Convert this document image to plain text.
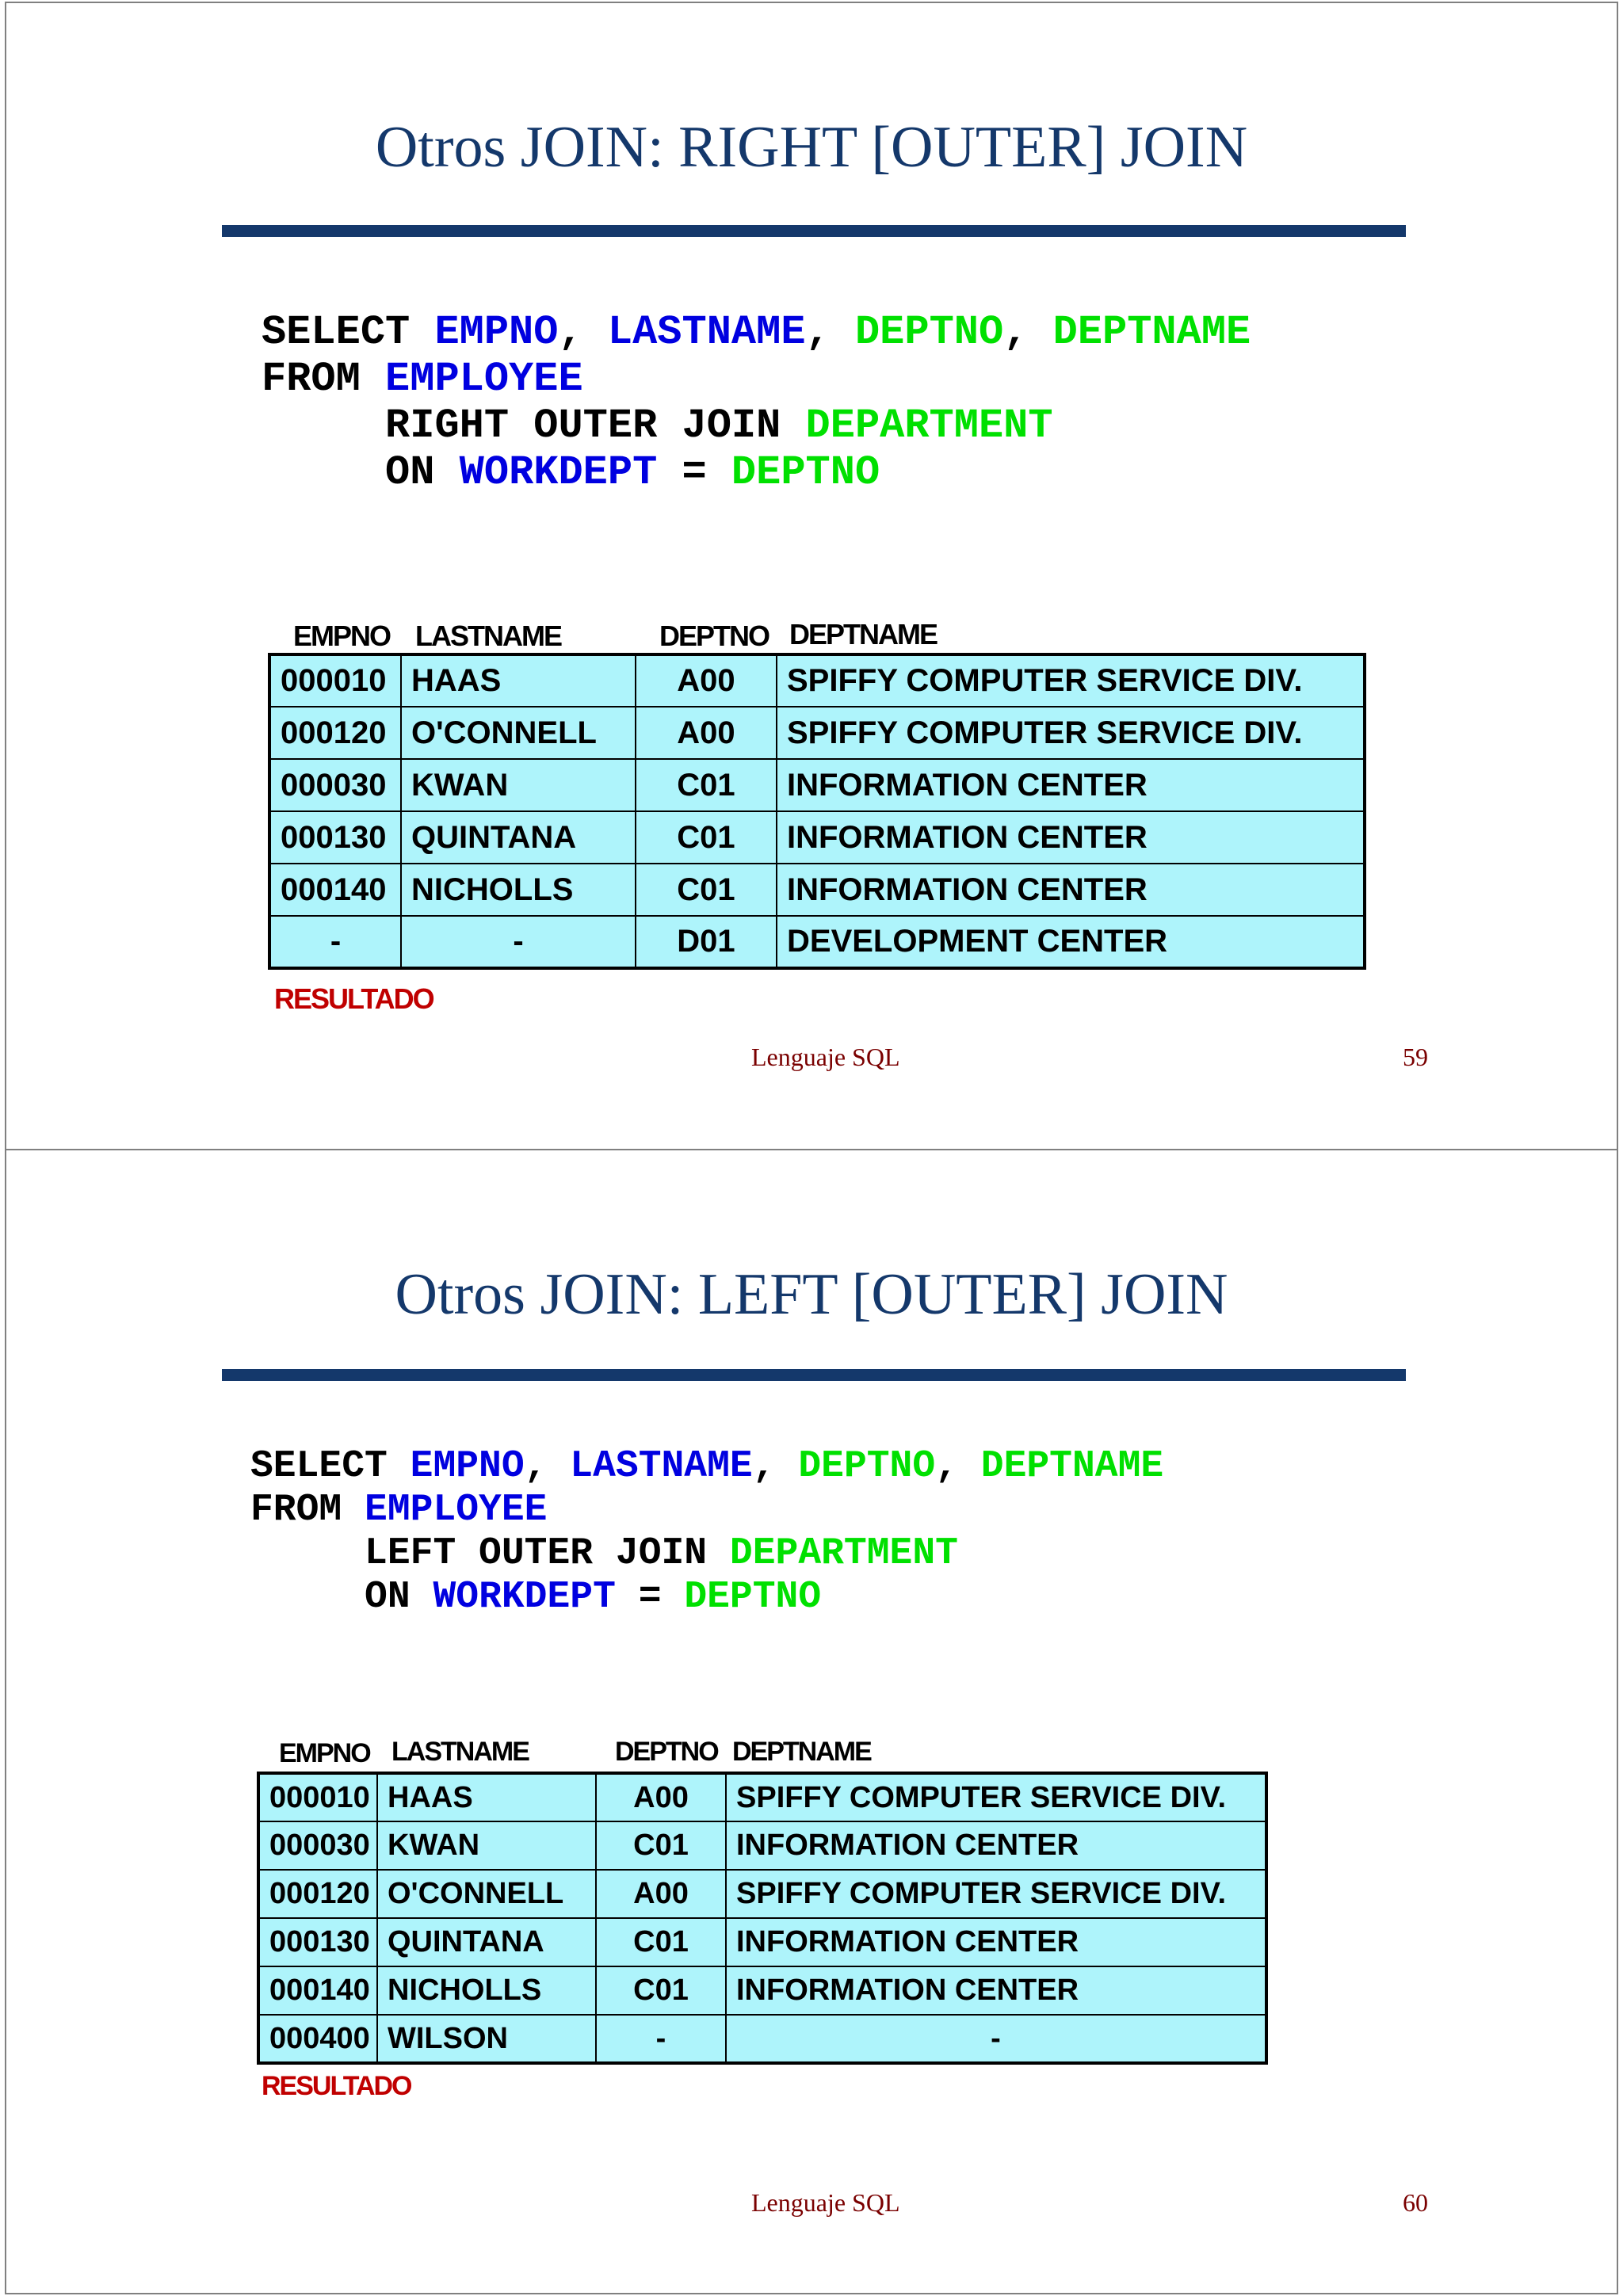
Otros JOIN: RIGHT [OUTER] JOIN
SELECT EMPNO, LASTNAME, DEPTNO, DEPTNAME
FROM EMPLOYEE
RIGHT OUTER JOIN DEPARTMENT
ON WORKDEPT = DEPTNO
EMPNO LASTNAME	DEPTNO DEPTNAME
000010	HAAS	A00	SPIFFY COMPUTER SERVICE DIV.
000120	O'CONNELL	A00	SPIFFY COMPUTER SERVICE DIV.
000030	KWAN	C01	INFORMATION CENTER
000130	QUINTANA	C01	INFORMATION CENTER
000140	NICHOLLS	C01	INFORMATION CENTER
-	-	D01	DEVELOPMENT CENTER
RESULTADO
Lenguaje SQL	59
Otros JOIN: LEFT [OUTER] JOIN
SELECT EMPNO, LASTNAME, DEPTNO, DEPTNAME
FROM EMPLOYEE
LEFT OUTER JOIN DEPARTMENT
ON WORKDEPT = DEPTNO
EMPNO LASTNAME	DEPTNO DEPTNAME
000010	HAAS	A00	SPIFFY COMPUTER SERVICE DIV.
000030	KWAN	C01	INFORMATION CENTER
000120	O'CONNELL	A00	SPIFFY COMPUTER SERVICE DIV.
000130	QUINTANA	C01	INFORMATION CENTER
000140	NICHOLLS	C01	INFORMATION CENTER
000400	WILSON	-	-
RESULTADO
Lenguaje SQL	60
